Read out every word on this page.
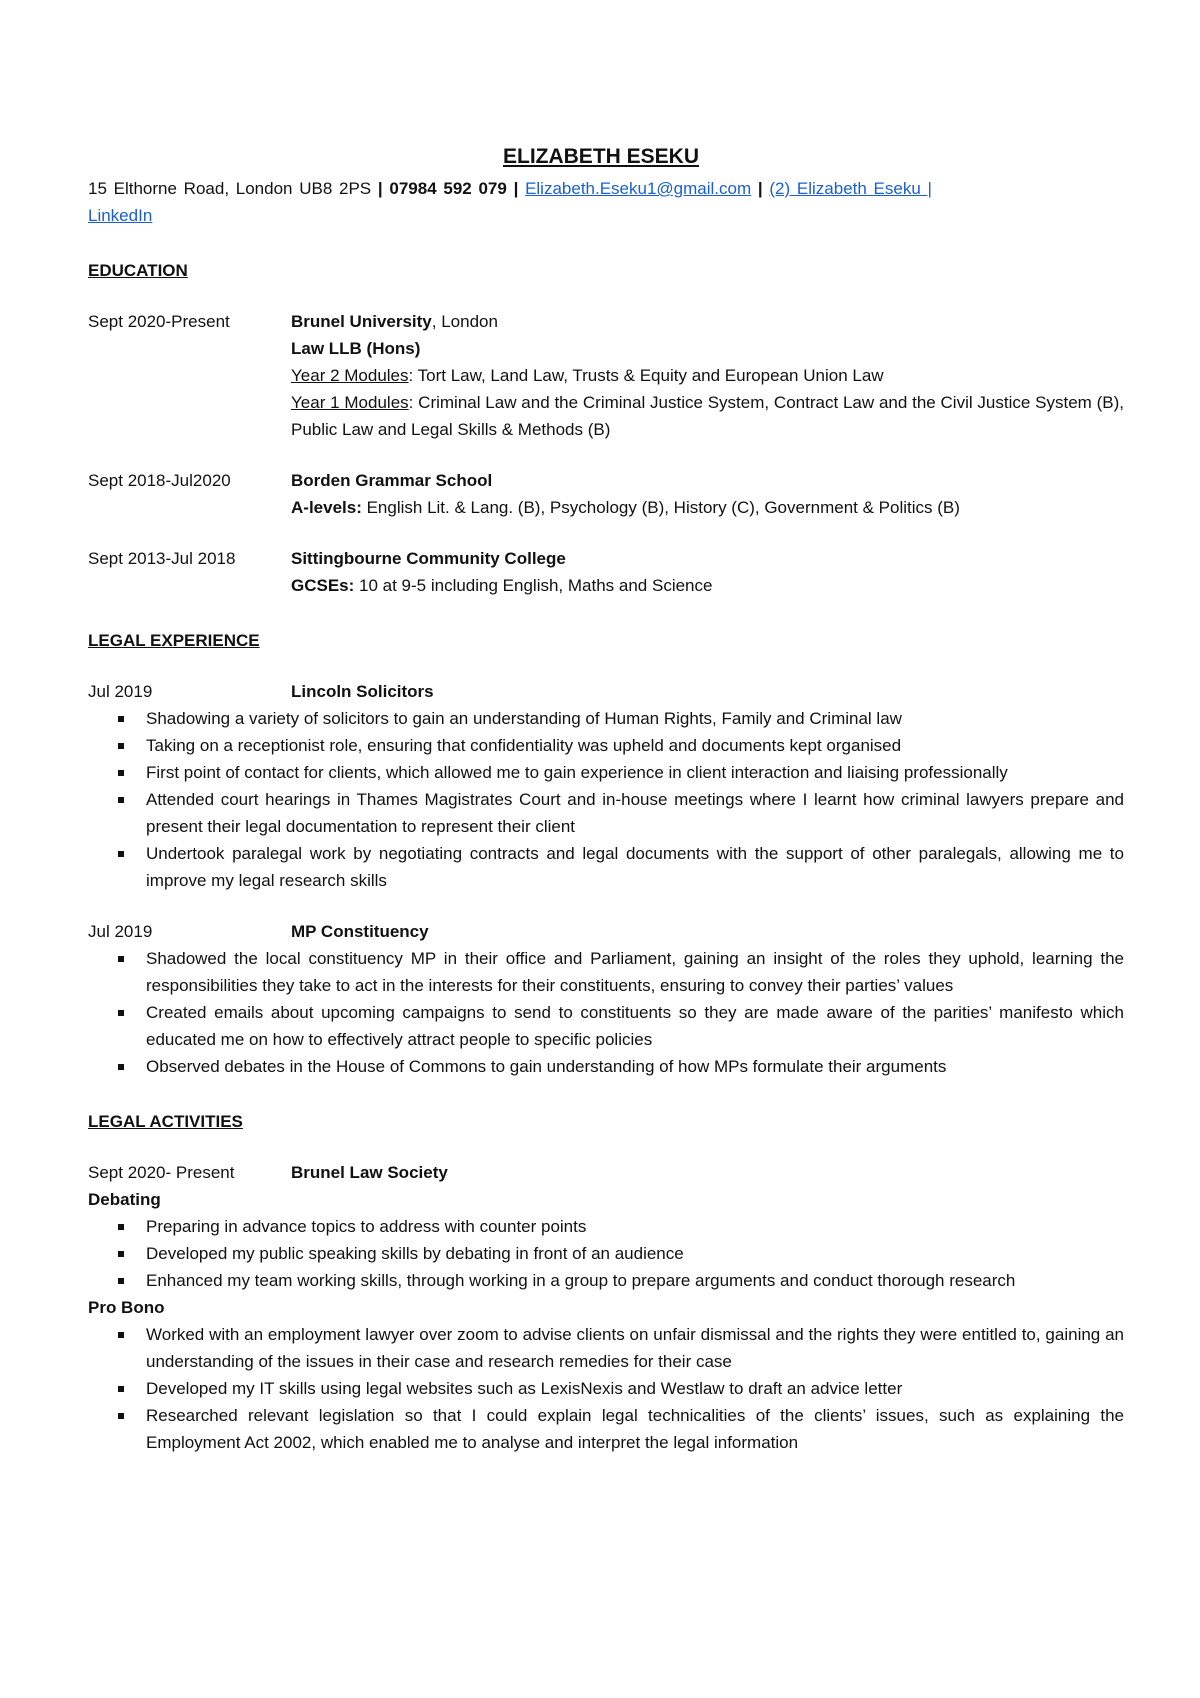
ELIZABETH ESEKU
15 Elthorne Road, London UB8 2PS | 07984 592 079 | Elizabeth.Eseku1@gmail.com | (2) Elizabeth Eseku |
LinkedIn
EDUCATION
Sept 2020-Present	Brunel University, London
Law LLB (Hons)
Year 2 Modules: Tort Law, Land Law, Trusts & Equity and European Union Law
Year 1 Modules: Criminal Law and the Criminal Justice System, Contract Law and the Civil Justice System (B), Public Law and Legal Skills & Methods (B)
Sept 2018-Jul2020	Borden Grammar School
A-levels: English Lit. & Lang. (B), Psychology (B), History (C), Government & Politics (B)
Sept 2013-Jul 2018	Sittingbourne Community College
GCSEs: 10 at 9-5 including English, Maths and Science
LEGAL EXPERIENCE
Jul 2019	Lincoln Solicitors
Shadowing a variety of solicitors to gain an understanding of Human Rights, Family and Criminal law
Taking on a receptionist role, ensuring that confidentiality was upheld and documents kept organised
First point of contact for clients, which allowed me to gain experience in client interaction and liaising professionally
Attended court hearings in Thames Magistrates Court and in-house meetings where I learnt how criminal lawyers prepare and present their legal documentation to represent their client
Undertook paralegal work by negotiating contracts and legal documents with the support of other paralegals, allowing me to improve my legal research skills
Jul 2019	MP Constituency
Shadowed the local constituency MP in their office and Parliament, gaining an insight of the roles they uphold, learning the responsibilities they take to act in the interests for their constituents, ensuring to convey their parties’ values
Created emails about upcoming campaigns to send to constituents so they are made aware of the parities’ manifesto which educated me on how to effectively attract people to specific policies
Observed debates in the House of Commons to gain understanding of how MPs formulate their arguments
LEGAL ACTIVITIES
Sept 2020- Present	Brunel Law Society
Debating
Preparing in advance topics to address with counter points
Developed my public speaking skills by debating in front of an audience
Enhanced my team working skills, through working in a group to prepare arguments and conduct thorough research
Pro Bono
Worked with an employment lawyer over zoom to advise clients on unfair dismissal and the rights they were entitled to, gaining an understanding of the issues in their case and research remedies for their case
Developed my IT skills using legal websites such as LexisNexis and Westlaw to draft an advice letter
Researched relevant legislation so that I could explain legal technicalities of the clients’ issues, such as explaining the Employment Act 2002, which enabled me to analyse and interpret the legal information
